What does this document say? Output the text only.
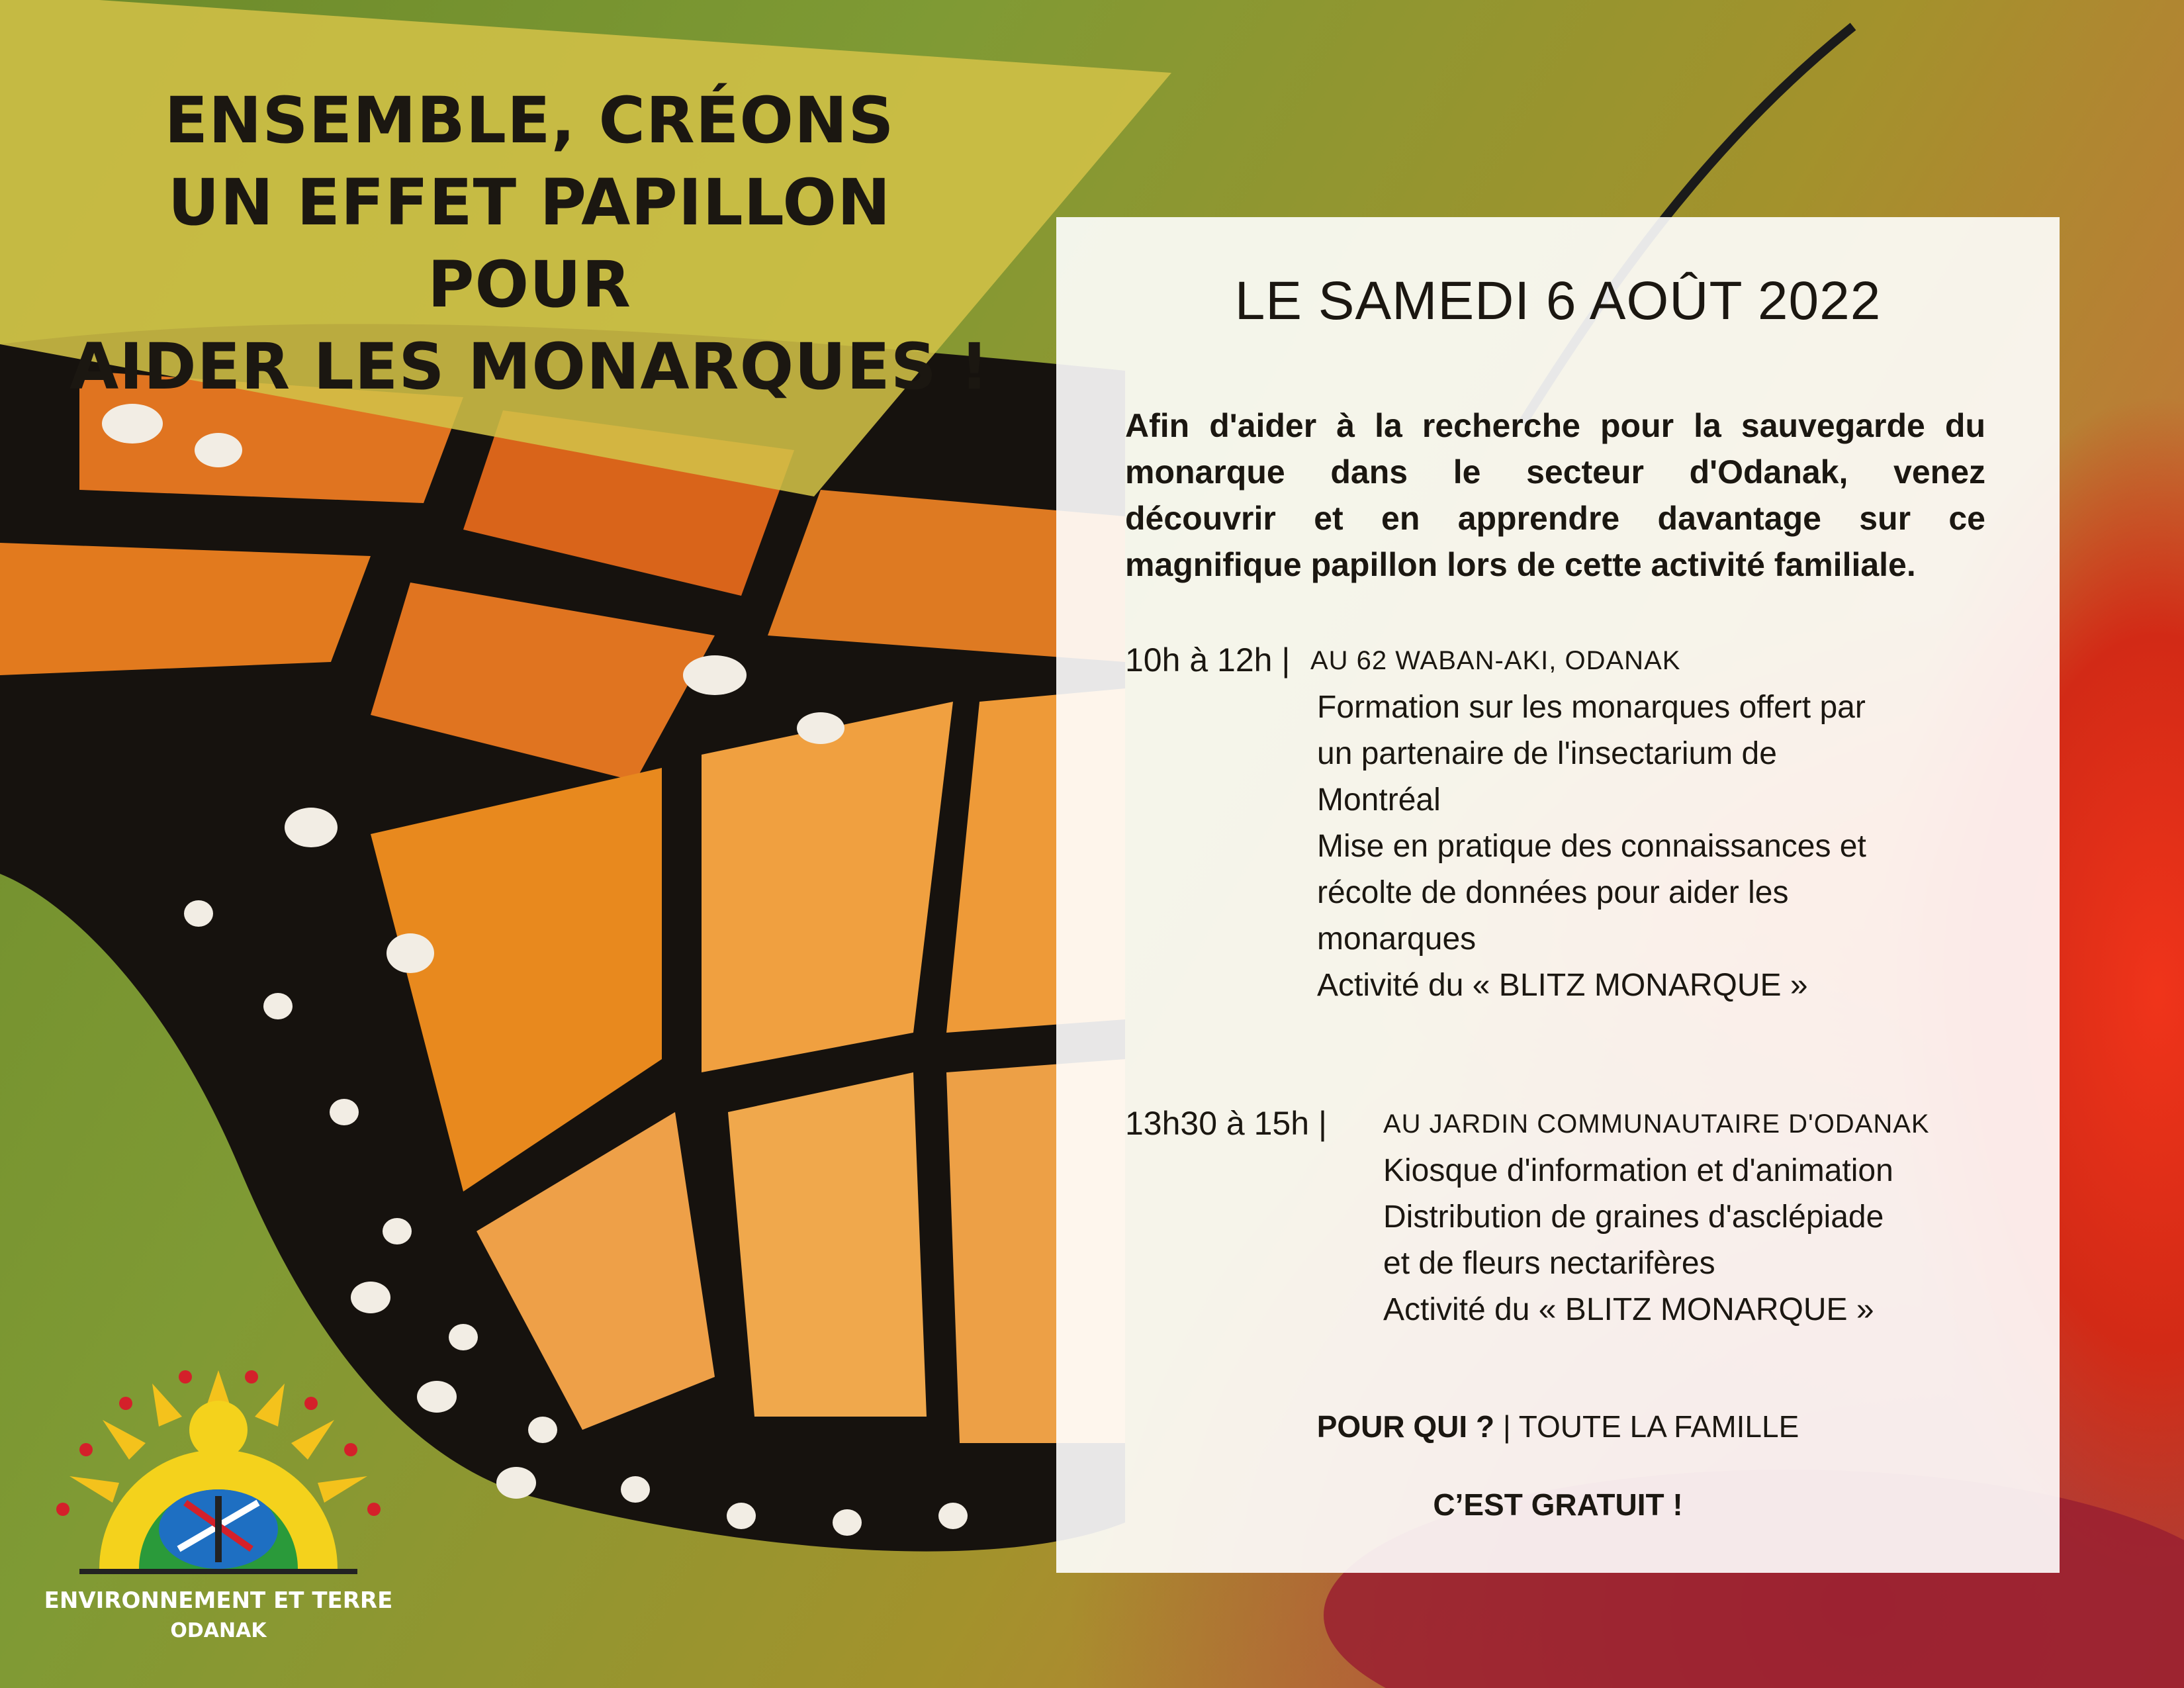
ENSEMBLE, CRÉONS
UN EFFET PAPILLON POUR
AIDER LES MONARQUES !
LE SAMEDI 6 AOÛT 2022
Afin d'aider à la recherche pour la sauvegarde du
monarque dans le secteur d'Odanak, venez
découvrir et en apprendre davantage sur ce
magnifique papillon lors de cette activité familiale.
10h à 12h | AU 62 WABAN-AKI, ODANAK
Formation sur les monarques offert par
un partenaire de l'insectarium de
Montréal
Mise en pratique des connaissances et
récolte de données pour aider les
monarques
Activité du « BLITZ MONARQUE »
13h30 à 15h | AU JARDIN COMMUNAUTAIRE D'ODANAK
Kiosque d'information et d'animation
Distribution de graines d'asclépiade
et de fleurs nectarifères
Activité du « BLITZ MONARQUE »

POUR QUI ? | TOUTE LA FAMILLE

C’EST GRATUIT !

ENVIRONNEMENT ET TERRE

ODANAK
